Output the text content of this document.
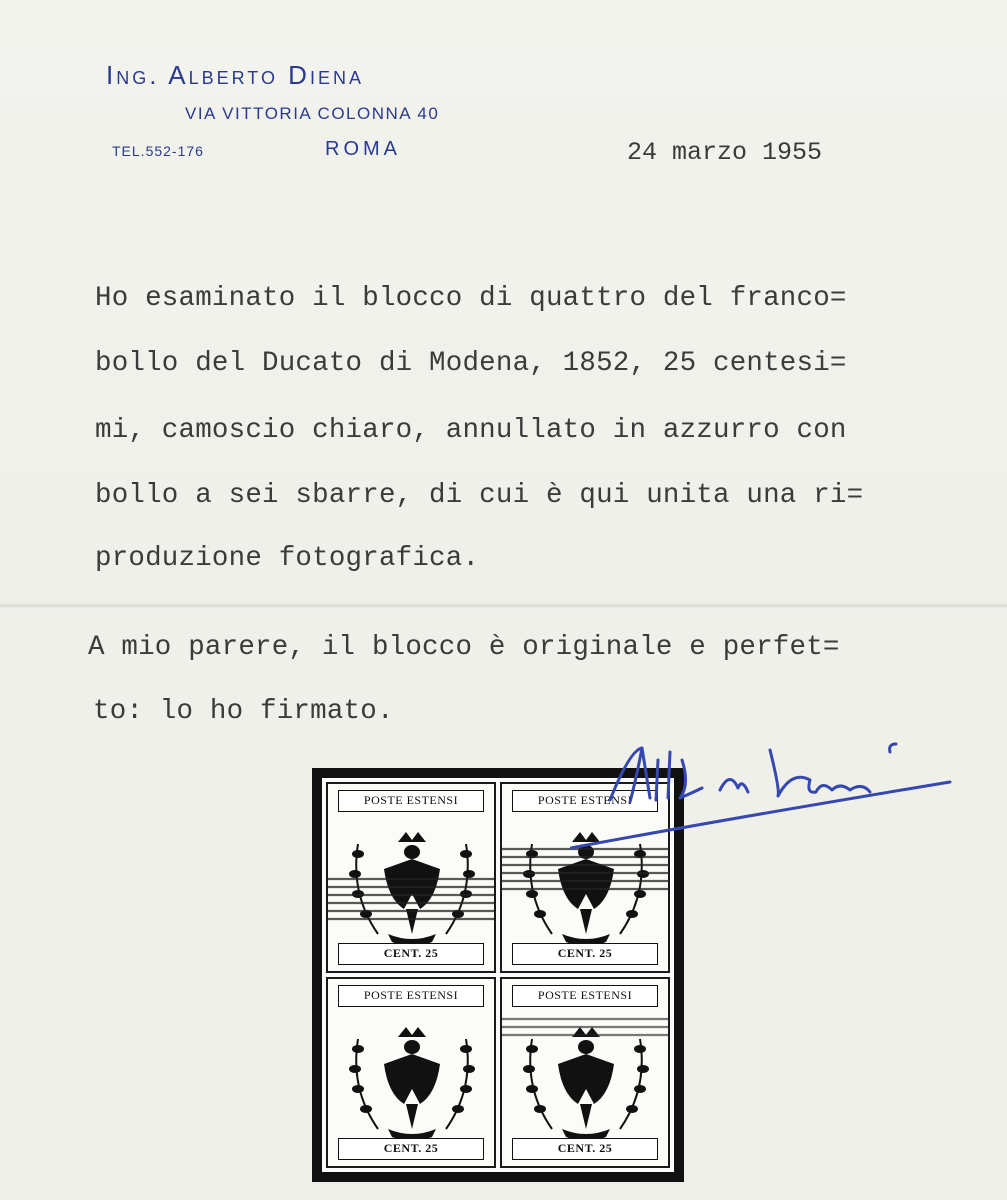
Ing. Alberto Diena
VIA VITTORIA COLONNA 40
TEL.552-176	ROMA	24 marzo 1955
Ho esaminato il blocco di quattro del franco=
bollo del Ducato di Modena, 1852, 25 centesi=
mi, camoscio chiaro, annullato in azzurro con
bollo a sei sbarre, di cui è qui unita una ri=
produzione fotografica.
A mio parere, il blocco è originale e perfet=
to: lo ho firmato.
POSTE ESTENSI
CENT. 25
POSTE ESTENSI
CENT. 25
POSTE ESTENSI
CENT. 25
POSTE ESTENSI
CENT. 25
